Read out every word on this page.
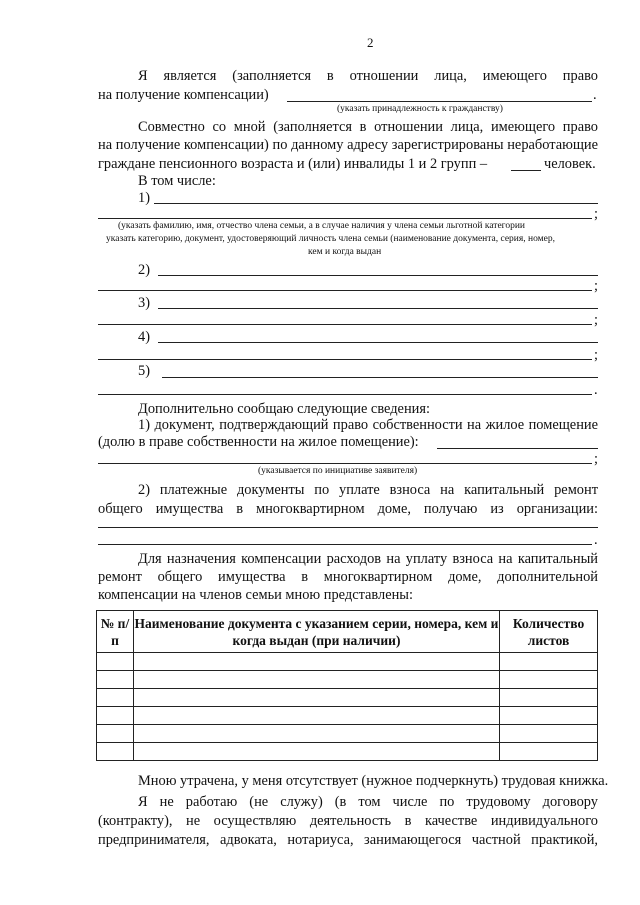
2
Я является (заполняется в отношении лица, имеющего право
на получение компенсации)	.
(указать принадлежность к гражданству)
Совместно со мной (заполняется в отношении лица, имеющего право
на получение компенсации) по данному адресу зарегистрированы неработающие
граждане пенсионного возраста и (или) инвалиды 1 и 2 групп –	человек.
В том числе:
1)
;
(указать фамилию, имя, отчество члена семьи, а в случае наличия у члена семьи льготной категории
указать категорию, документ, удостоверяющий личность члена семьи (наименование документа, серия, номер,
кем и когда выдан
2)
;
3)
;
4)
;
5)
.
Дополнительно сообщаю следующие сведения:
1) документ, подтверждающий право собственности на жилое помещение
(долю в праве собственности на жилое помещение):
;
(указывается по инициативе заявителя)
2) платежные документы по уплате взноса на капитальный ремонт
общего имущества в многоквартирном доме, получаю из организации:
.
Для назначения компенсации расходов на уплату взноса на капитальный
ремонт общего имущества в многоквартирном доме, дополнительной
компенсации на членов семьи мною представлены:
№ п/п	Наименование документа с указанием серии, номера, кем и когда выдан (при наличии)	Количество листов

Мною утрачена, у меня отсутствует (нужное подчеркнуть) трудовая книжка.
Я не работаю (не служу) (в том числе по трудовому договору
(контракту), не осуществляю деятельность в качестве индивидуального
предпринимателя, адвоката, нотариуса, занимающегося частной практикой,
